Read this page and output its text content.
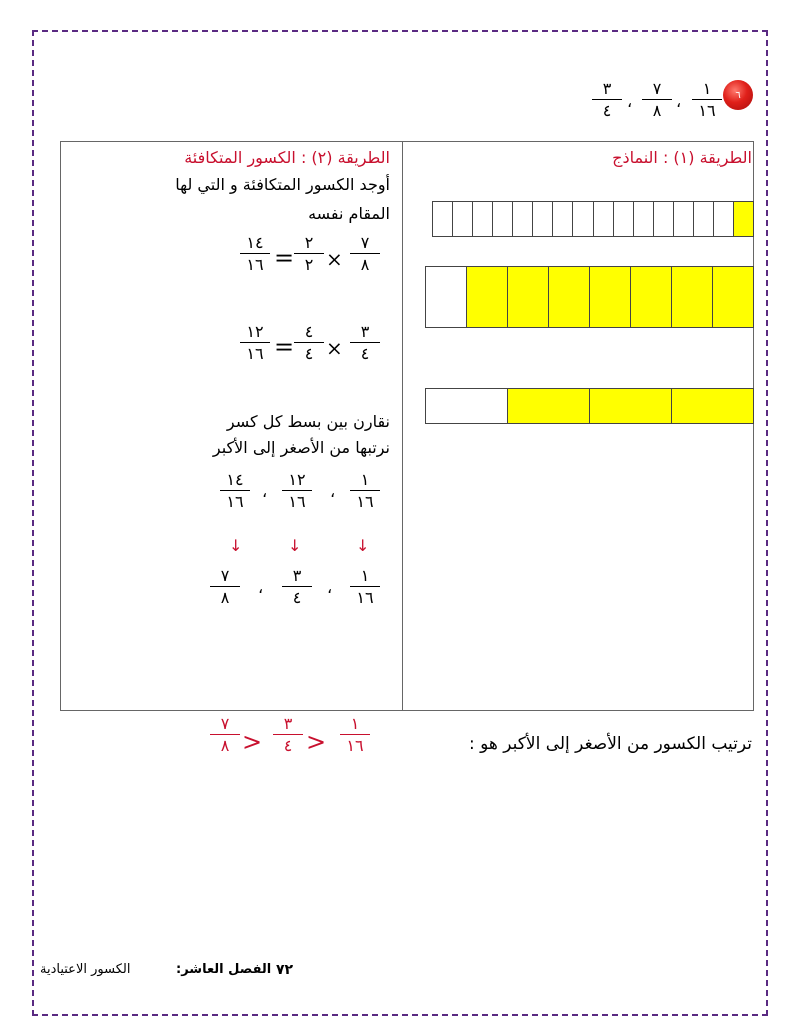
٦
١
١٦
،
٧
٨
،
٣
٤
الطريقة (١) : النماذج
الطريقة (٢) : الكسور المتكافئة
أوجد الكسور المتكافئة و التي لها
المقام نفسه
١٤
١٦ =
٢
٢ ×
٧
٨
١٢
١٦ =
٤
٤ ×
٣
٤
نقارن بين بسط كل كسر
نرتبها من الأصغر إلى الأكبر
١
١٦
،
١٢
١٦
،
١٤
١٦
↓
↓
↓
١
١٦
،
٣
٤
،
٧
٨
ترتيب الكسور من الأصغر إلى الأكبر هو :
١
١٦
>
٣
٤
>
٧
٨
الكسور الاعتيادية	الفصل العاشر: ٧٢
